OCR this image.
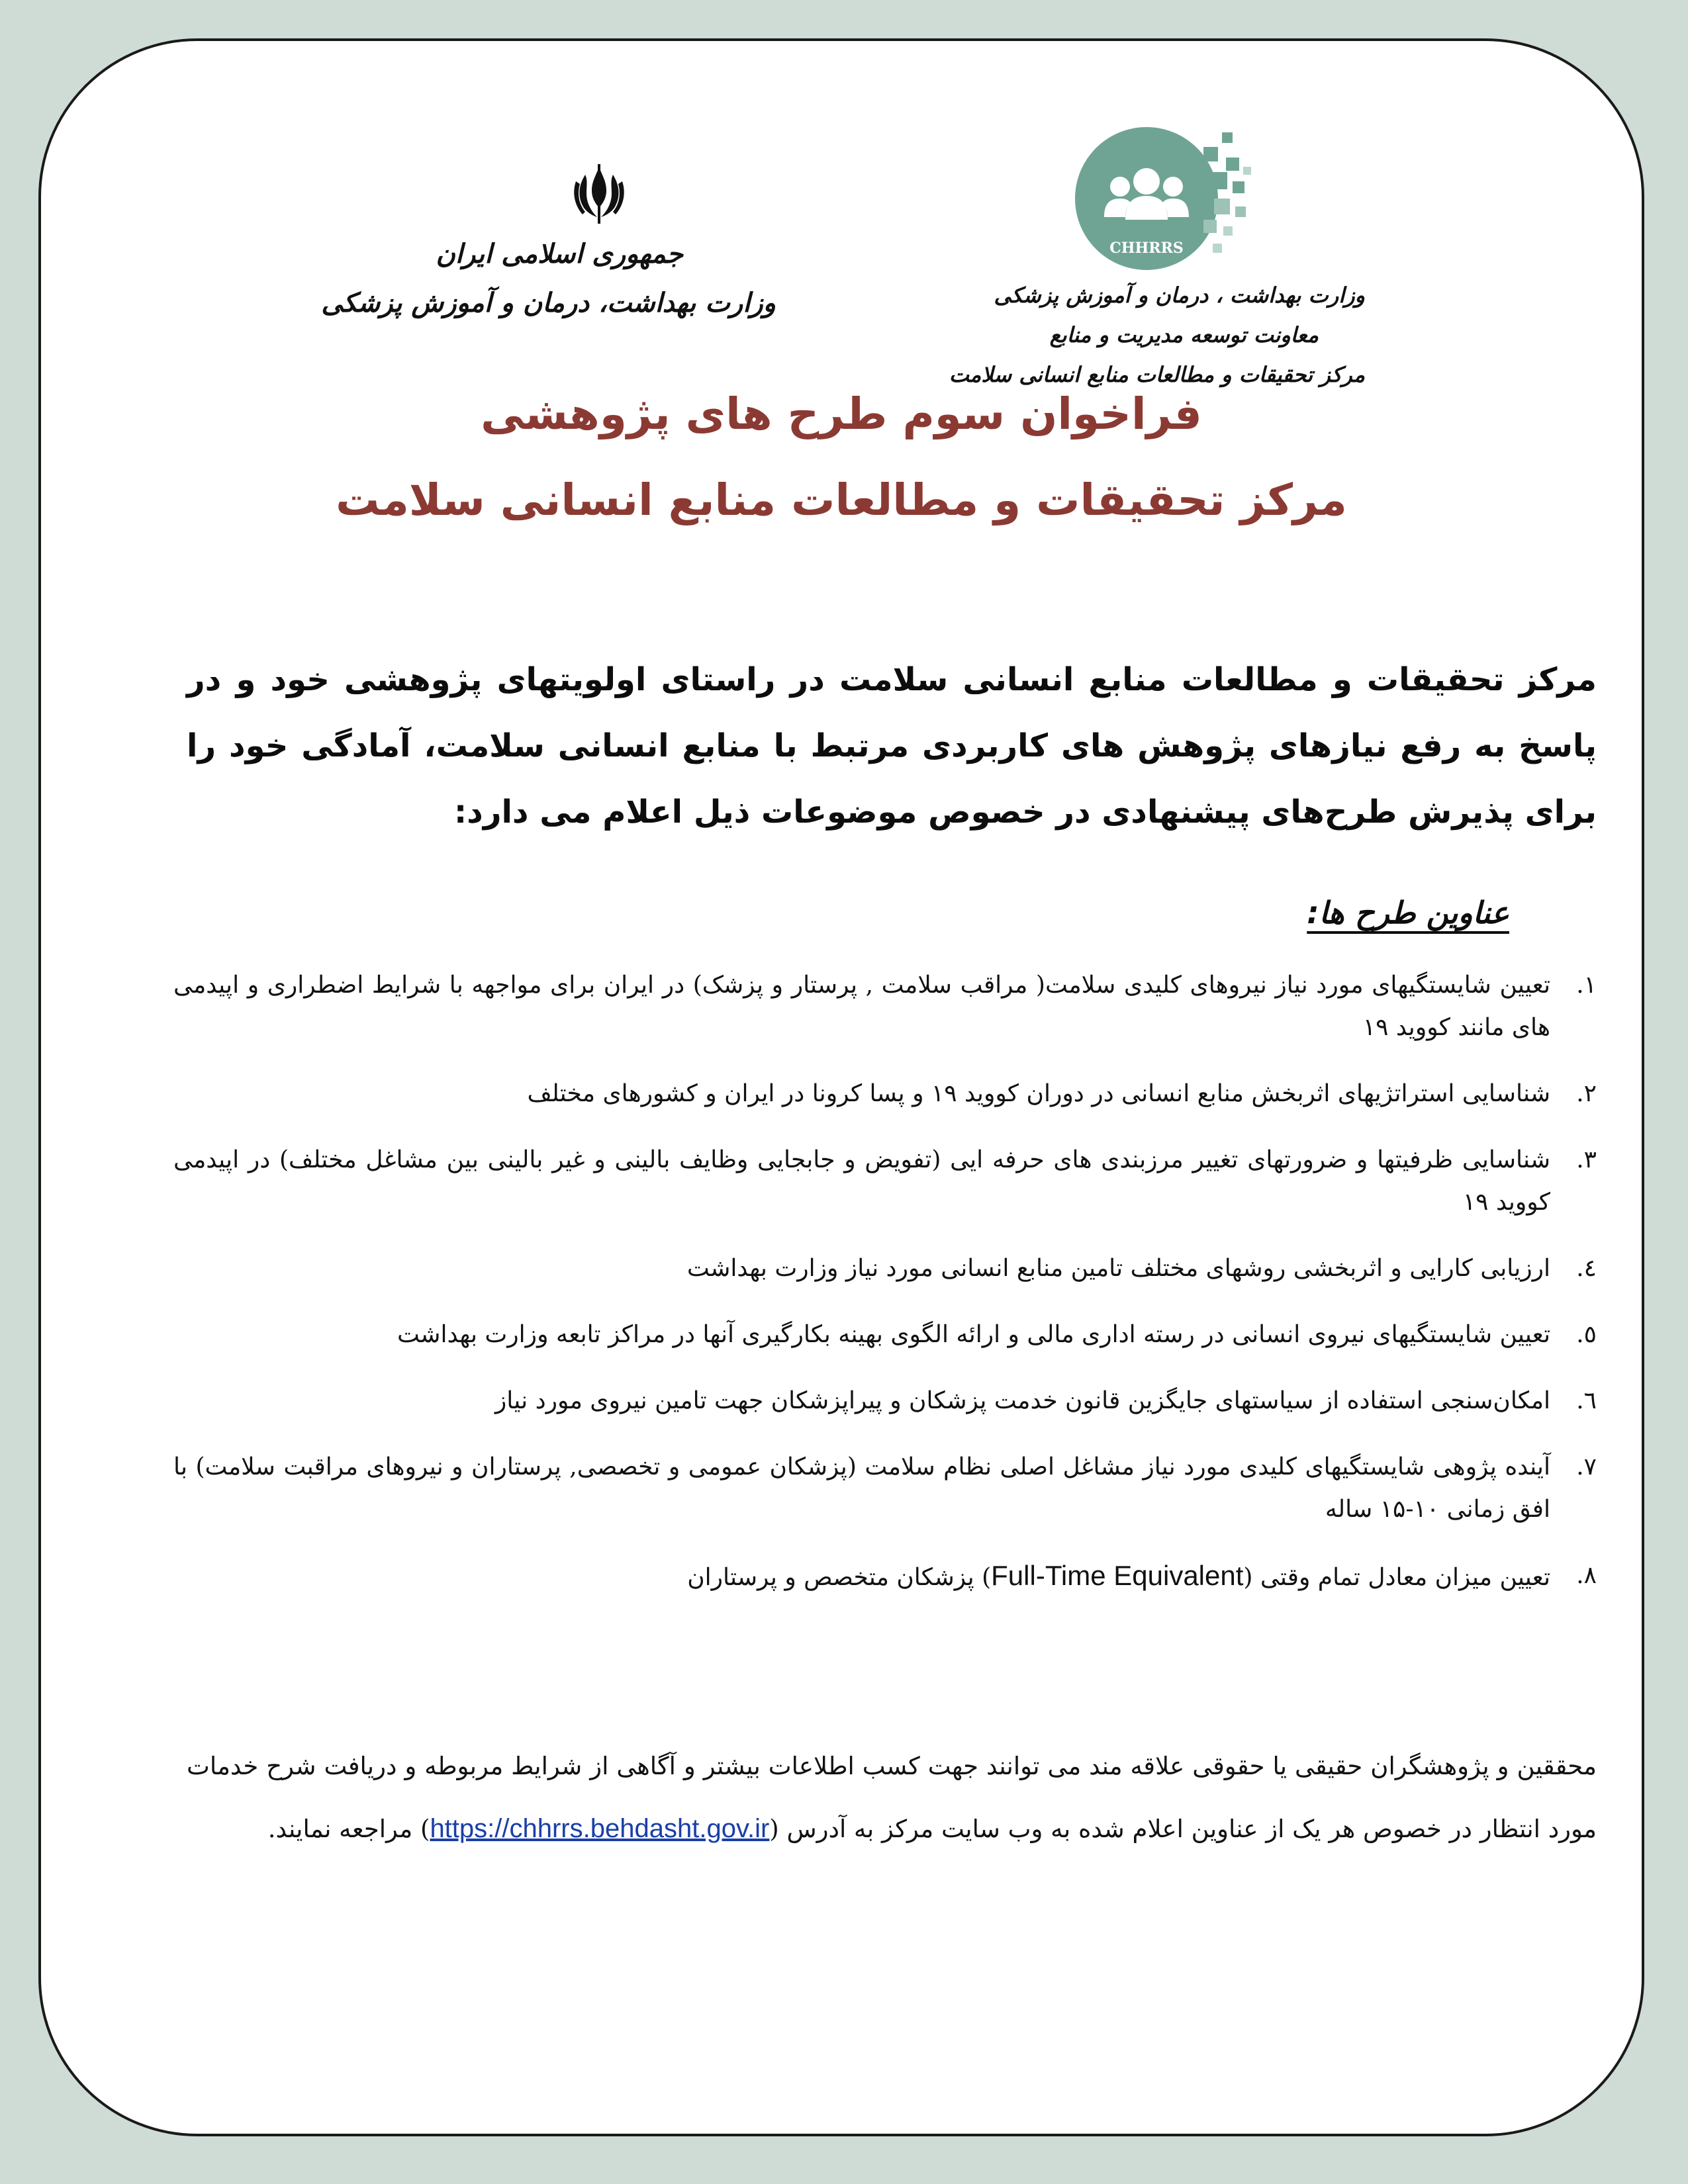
جمهوری اسلامی ایران
وزارت بهداشت، درمان و آموزش پزشکی
CHHRRS
وزارت بهداشت ، درمان و آموزش پزشکی
معاونت توسعه مدیریت و منابع
مرکز تحقیقات و مطالعات منابع انسانی سلامت
فراخوان سوم طرح های پژوهشی
مرکز تحقیقات و مطالعات منابع انسانی سلامت
مرکز تحقیقات و مطالعات منابع انسانی سلامت در راستای اولویتهای پژوهشی خود و در پاسخ به رفع نیازهای پژوهش های کاربردی مرتبط با منابع انسانی سلامت، آمادگی خود را برای پذیرش طرح‌های پیشنهادی در خصوص موضوعات ذیل اعلام می دارد:
عناوین طرح ها:
۱.
تعیین شایستگیهای مورد نیاز نیروهای کلیدی سلامت( مراقب سلامت , پرستار و پزشک) در ایران برای مواجهه با شرایط اضطراری و اپیدمی های مانند کووید ۱۹
۲.
شناسایی استراتژیهای اثربخش منابع انسانی در دوران کووید ۱۹ و پسا کرونا در ایران و کشورهای مختلف
۳.
شناسایی ظرفیتها و ضرورتهای تغییر مرزبندی های حرفه ایی (تفویض و جابجایی وظایف بالینی و غیر بالینی بین مشاغل مختلف) در اپیدمی کووید ۱۹
٤.
ارزیابی کارایی و اثربخشی روشهای مختلف تامین منابع انسانی مورد نیاز وزارت بهداشت
٥.
تعیین شایستگیهای نیروی انسانی در رسته اداری مالی و ارائه الگوی بهینه بکارگیری آنها در مراکز تابعه وزارت بهداشت
٦.
امکان‌سنجی استفاده از سیاستهای جایگزین قانون خدمت پزشکان و پیراپزشکان جهت تامین نیروی مورد نیاز
۷.
آینده پژوهی شایستگیهای کلیدی مورد نیاز مشاغل اصلی نظام سلامت (پزشکان عمومی و تخصصی, پرستاران و نیروهای مراقبت سلامت) با افق زمانی ۱۰-۱۵ ساله
۸.
تعیین میزان معادل تمام وقتی (Full-Time Equivalent) پزشکان متخصص و پرستاران
محققین و پژوهشگران حقیقی یا حقوقی علاقه مند می توانند جهت کسب اطلاعات بیشتر و آگاهی از شرایط مربوطه و دریافت شرح خدمات مورد انتظار در خصوص هر یک از عناوین اعلام شده به وب سایت مرکز به آدرس (https://chhrrs.behdasht.gov.ir) مراجعه نمایند.
